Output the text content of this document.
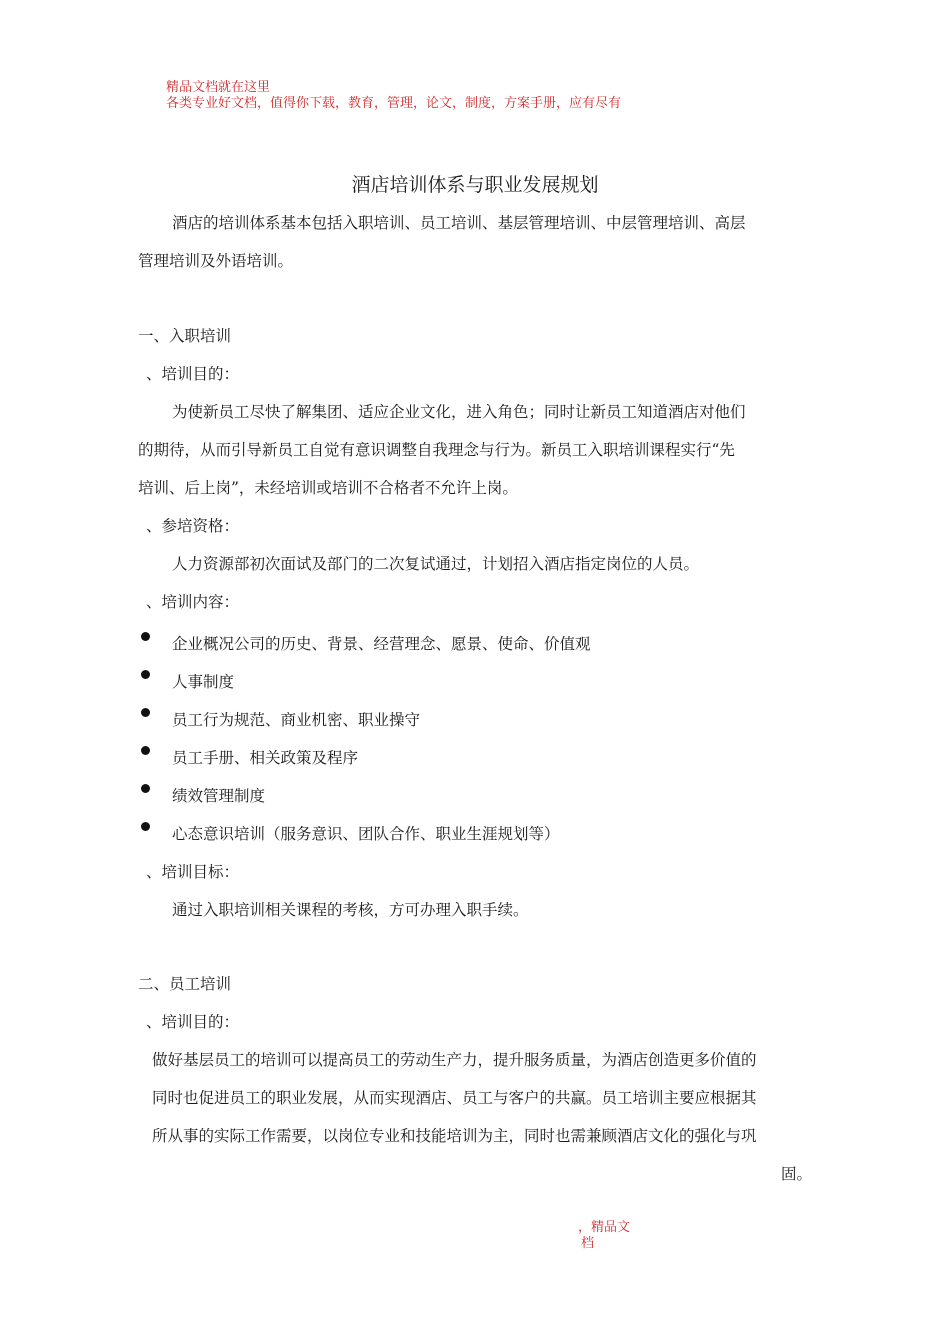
精品文档就在这里
各类专业好文档，值得你下载，教育，管理，论文，制度，方案手册，应有尽有
酒店培训体系与职业发展规划
酒店的培训体系基本包括入职培训、员工培训、基层管理培训、中层管理培训、高层
管理培训及外语培训。
一、入职培训
、培训目的：
为使新员工尽快了解集团、适应企业文化，进入角色；同时让新员工知道酒店对他们
的期待，从而引导新员工自觉有意识调整自我理念与行为。新员工入职培训课程实行“先
培训、后上岗”，未经培训或培训不合格者不允许上岗。
、参培资格：
人力资源部初次面试及部门的二次复试通过，计划招入酒店指定岗位的人员。
、培训内容：
企业概况公司的历史、背景、经营理念、愿景、使命、价值观
人事制度
员工行为规范、商业机密、职业操守
员工手册、相关政策及程序
绩效管理制度
心态意识培训（服务意识、团队合作、职业生涯规划等）
、培训目标：
通过入职培训相关课程的考核，方可办理入职手续。
二、员工培训
、培训目的：
做好基层员工的培训可以提高员工的劳动生产力，提升服务质量，为酒店创造更多价值的
同时也促进员工的职业发展，从而实现酒店、员工与客户的共赢。员工培训主要应根据其
所从事的实际工作需要，以岗位专业和技能培训为主，同时也需兼顾酒店文化的强化与巩
固。
，精品文
档
